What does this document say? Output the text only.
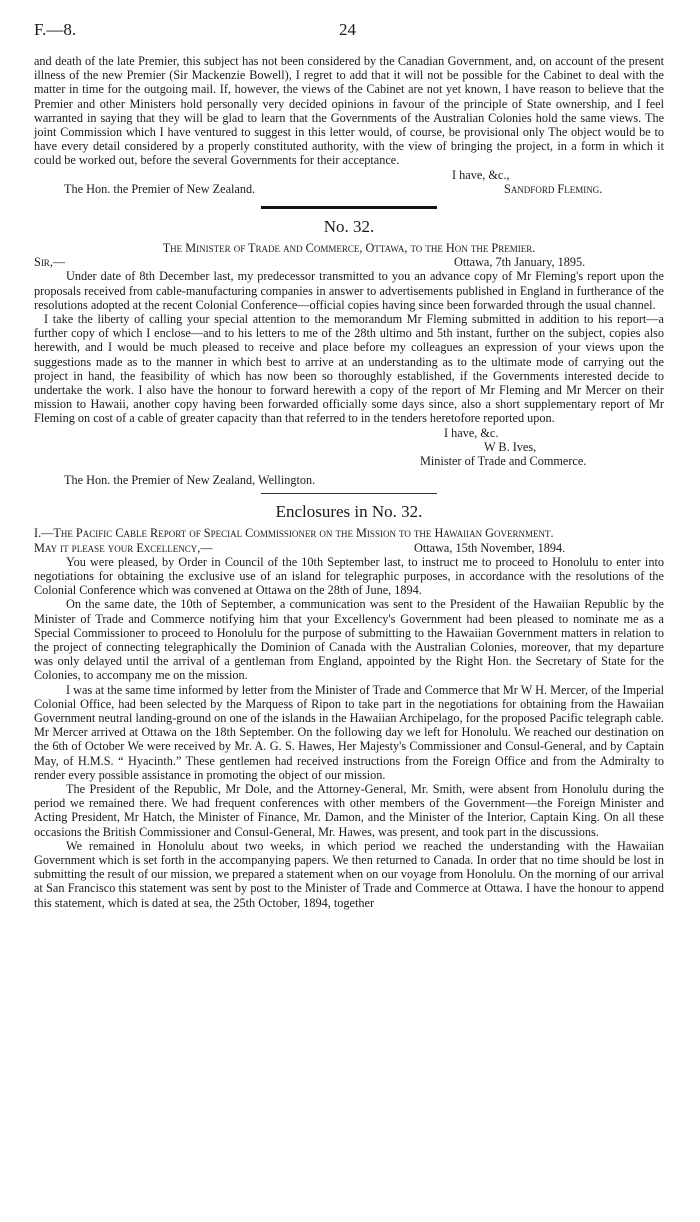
F.—8.	24

and death of the late Premier, this subject has not been considered by the Canadian Government, and, on account of the present illness of the new Premier (Sir Mackenzie Bowell), I regret to add that it will not be possible for the Cabinet to deal with the matter in time for the outgoing mail. If, however, the views of the Cabinet are not yet known, I have reason to believe that the Premier and other Ministers hold personally very decided opinions in favour of the principle of State ownership, and I feel warranted in saying that they will be glad to learn that the Governments of the Australian Colonies hold the same views. The joint Commission which I have ventured to suggest in this letter would, of course, be provisional only The object would be to have every detail considered by a properly constituted authority, with the view of bringing the project, in a form in which it could be worked out, before the several Governments for their acceptance.

I have, &c.,
The Hon. the Premier of New Zealand.	Sandford Fleming.
No. 32.
The Minister of Trade and Commerce, Ottawa, to the Hon the Premier.
Sir,—	Ottawa, 7th January, 1895.

Under date of 8th December last, my predecessor transmitted to you an advance copy of Mr Fleming's report upon the proposals received from cable-manufacturing companies in answer to advertisements published in England in furtherance of the resolutions adopted at the recent Colonial Conference—official copies having since been forwarded through the usual channel.

I take the liberty of calling your special attention to the memorandum Mr Fleming submitted in addition to his report—a further copy of which I enclose—and to his letters to me of the 28th ultimo and 5th instant, further on the subject, copies also herewith, and I would be much pleased to receive and place before my colleagues an expression of your views upon the suggestions made as to the manner in which best to arrive at an understanding as to the ultimate mode of carrying out the project in hand, the feasibility of which has now been so thoroughly established, if the Governments interested decide to undertake the work. I also have the honour to forward herewith a copy of the report of Mr Fleming and Mr Mercer on their mission to Hawaii, another copy having been forwarded officially some days since, also a short supplementary report of Mr Fleming on cost of a cable of greater capacity than that referred to in the tenders heretofore reported upon.

I have, &c.
W B. Ives,
Minister of Trade and Commerce.
The Hon. the Premier of New Zealand, Wellington.
Enclosures in No. 32.
I.—The Pacific Cable Report of Special Commissioner on the Mission to the Hawaiian Government.
May it please your Excellency,—	Ottawa, 15th November, 1894.

You were pleased, by Order in Council of the 10th September last, to instruct me to proceed to Honolulu to enter into negotiations for obtaining the exclusive use of an island for telegraphic purposes, in accordance with the resolutions of the Colonial Conference which was convened at Ottawa on the 28th of June, 1894.

On the same date, the 10th of September, a communication was sent to the President of the Hawaiian Republic by the Minister of Trade and Commerce notifying him that your Excellency's Government had been pleased to nominate me as a Special Commissioner to proceed to Honolulu for the purpose of submitting to the Hawaiian Government matters in relation to the project of connecting telegraphically the Dominion of Canada with the Australian Colonies, moreover, that my departure was only delayed until the arrival of a gentleman from England, appointed by the Right Hon. the Secretary of State for the Colonies, to accompany me on the mission.

I was at the same time informed by letter from the Minister of Trade and Commerce that Mr W H. Mercer, of the Imperial Colonial Office, had been selected by the Marquess of Ripon to take part in the negotiations for obtaining from the Hawaiian Government neutral landing-ground on one of the islands in the Hawaiian Archipelago, for the proposed Pacific telegraph cable. Mr Mercer arrived at Ottawa on the 18th September. On the following day we left for Honolulu. We reached our destination on the 6th of October We were received by Mr. A. G. S. Hawes, Her Majesty's Commissioner and Consul-General, and by Captain May, of H.M.S. “ Hyacinth.” These gentlemen had received instructions from the Foreign Office and from the Admiralty to render every possible assistance in promoting the object of our mission.

The President of the Republic, Mr Dole, and the Attorney-General, Mr. Smith, were absent from Honolulu during the period we remained there. We had frequent conferences with other members of the Government—the Foreign Minister and Acting President, Mr Hatch, the Minister of Finance, Mr. Damon, and the Minister of the Interior, Captain King. On all these occasions the British Commissioner and Consul-General, Mr. Hawes, was present, and took part in the discussions.

We remained in Honolulu about two weeks, in which period we reached the understanding with the Hawaiian Government which is set forth in the accompanying papers. We then returned to Canada. In order that no time should be lost in submitting the result of our mission, we prepared a statement when on our voyage from Honolulu. On the morning of our arrival at San Francisco this statement was sent by post to the Minister of Trade and Commerce at Ottawa. I have the honour to append this statement, which is dated at sea, the 25th October, 1894, together
